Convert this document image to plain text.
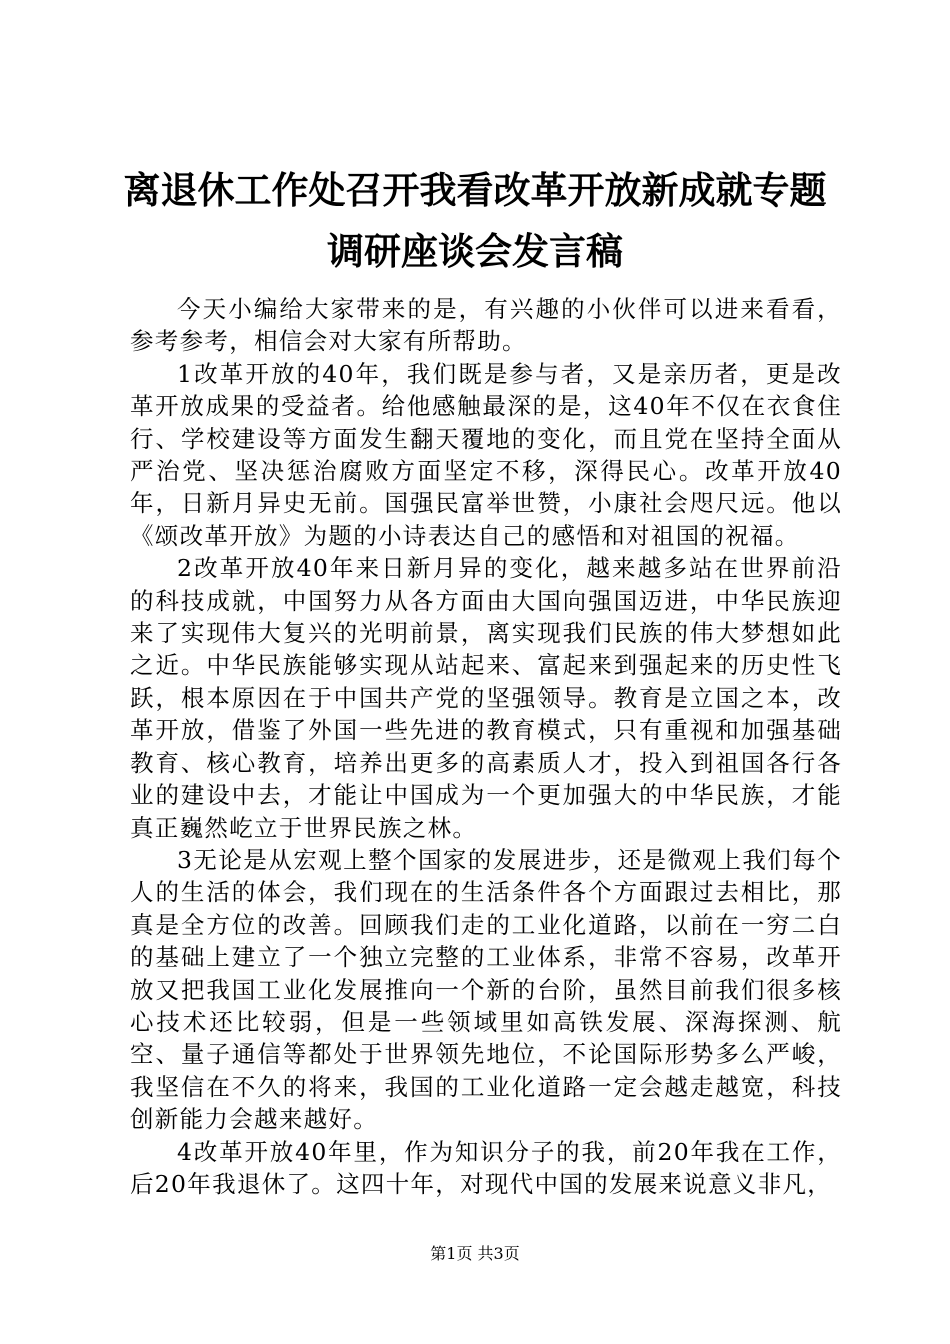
离退休工作处召开我看改革开放新成就专题调研座谈会发言稿

今天小编给大家带来的是，有兴趣的小伙伴可以进来看看，参考参考，相信会对大家有所帮助。

1改革开放的40年，我们既是参与者，又是亲历者，更是改革开放成果的受益者。给他感触最深的是，这40年不仅在衣食住行、学校建设等方面发生翻天覆地的变化，而且党在坚持全面从严治党、坚决惩治腐败方面坚定不移，深得民心。改革开放40年，日新月异史无前。国强民富举世赞，小康社会咫尺远。他以《颂改革开放》为题的小诗表达自己的感悟和对祖国的祝福。

2改革开放40年来日新月异的变化，越来越多站在世界前沿的科技成就，中国努力从各方面由大国向强国迈进，中华民族迎来了实现伟大复兴的光明前景，离实现我们民族的伟大梦想如此之近。中华民族能够实现从站起来、富起来到强起来的历史性飞跃，根本原因在于中国共产党的坚强领导。教育是立国之本，改革开放，借鉴了外国一些先进的教育模式，只有重视和加强基础教育、核心教育，培养出更多的高素质人才，投入到祖国各行各业的建设中去，才能让中国成为一个更加强大的中华民族，才能真正巍然屹立于世界民族之林。

3无论是从宏观上整个国家的发展进步，还是微观上我们每个人的生活的体会，我们现在的生活条件各个方面跟过去相比，那真是全方位的改善。回顾我们走的工业化道路，以前在一穷二白的基础上建立了一个独立完整的工业体系，非常不容易，改革开放又把我国工业化发展推向一个新的台阶，虽然目前我们很多核心技术还比较弱，但是一些领域里如高铁发展、深海探测、航空、量子通信等都处于世界领先地位，不论国际形势多么严峻，我坚信在不久的将来，我国的工业化道路一定会越走越宽，科技创新能力会越来越好。

4改革开放40年里，作为知识分子的我，前20年我在工作，后20年我退休了。这四十年，对现代中国的发展来说意义非凡，

第1页 共3页
